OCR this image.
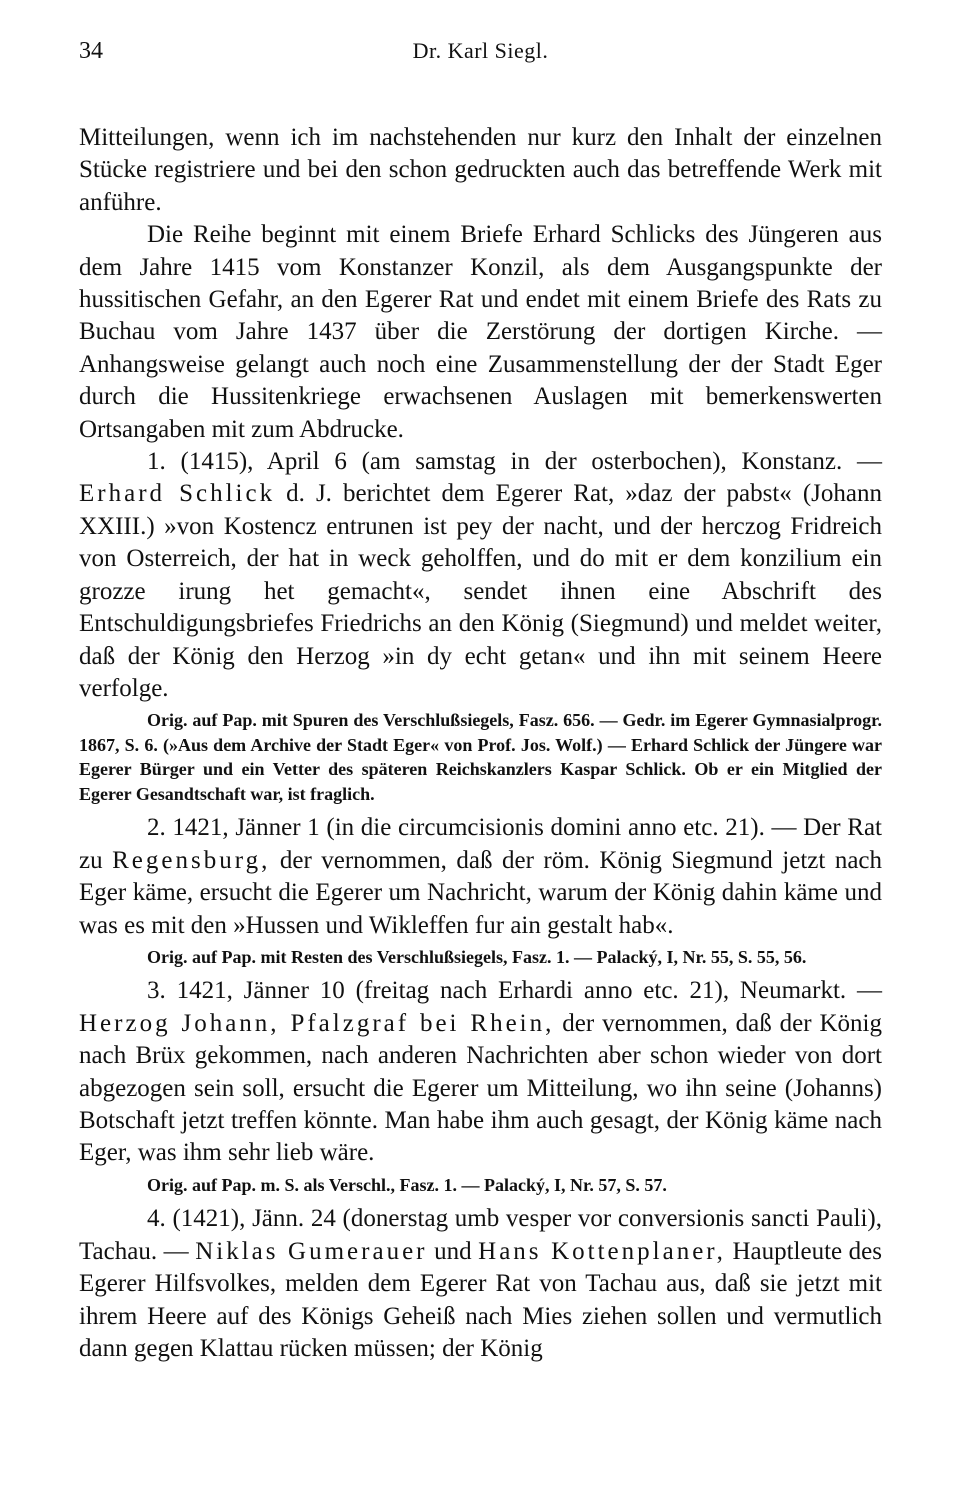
34	Dr. Karl Siegl.

Mitteilungen, wenn ich im nachstehenden nur kurz den Inhalt der einzelnen Stücke registriere und bei den schon gedruckten auch das betreffende Werk mit anführe.

Die Reihe beginnt mit einem Briefe Erhard Schlicks des Jüngeren aus dem Jahre 1415 vom Konstanzer Konzil, als dem Ausgangspunkte der hussitischen Gefahr, an den Egerer Rat und endet mit einem Briefe des Rats zu Buchau vom Jahre 1437 über die Zerstörung der dortigen Kirche. — Anhangsweise gelangt auch noch eine Zusammenstellung der der Stadt Eger durch die Hussitenkriege erwachsenen Auslagen mit bemerkenswerten Ortsangaben mit zum Abdrucke.

1. (1415), April 6 (am samstag in der osterbochen), Konstanz. — Erhard Schlick d. J. berichtet dem Egerer Rat, »daz der pabst« (Johann XXIII.) »von Kostencz entrunen ist pey der nacht, und der herczog Fridreich von Osterreich, der hat in weck geholffen, und do mit er dem konzilium ein grozze irung het gemacht«, sendet ihnen eine Abschrift des Entschuldigungsbriefes Friedrichs an den König (Siegmund) und meldet weiter, daß der König den Herzog »in dy echt getan« und ihn mit seinem Heere verfolge.

Orig. auf Pap. mit Spuren des Verschlußsiegels, Fasz. 656. — Gedr. im Egerer Gymnasialprogr. 1867, S. 6. (»Aus dem Archive der Stadt Eger« von Prof. Jos. Wolf.) — Erhard Schlick der Jüngere war Egerer Bürger und ein Vetter des späteren Reichskanzlers Kaspar Schlick. Ob er ein Mitglied der Egerer Gesandtschaft war, ist fraglich.

2. 1421, Jänner 1 (in die circumcisionis domini anno etc. 21). — Der Rat zu Regensburg, der vernommen, daß der röm. König Siegmund jetzt nach Eger käme, ersucht die Egerer um Nachricht, warum der König dahin käme und was es mit den »Hussen und Wikleffen fur ain gestalt hab«.

Orig. auf Pap. mit Resten des Verschlußsiegels, Fasz. 1. — Palacký, I, Nr. 55, S. 55, 56.

3. 1421, Jänner 10 (freitag nach Erhardi anno etc. 21), Neumarkt. — Herzog Johann, Pfalzgraf bei Rhein, der vernommen, daß der König nach Brüx gekommen, nach anderen Nachrichten aber schon wieder von dort abgezogen sein soll, ersucht die Egerer um Mitteilung, wo ihn seine (Johanns) Botschaft jetzt treffen könnte. Man habe ihm auch gesagt, der König käme nach Eger, was ihm sehr lieb wäre.

Orig. auf Pap. m. S. als Verschl., Fasz. 1. — Palacký, I, Nr. 57, S. 57.

4. (1421), Jänn. 24 (donerstag umb vesper vor conversionis sancti Pauli), Tachau. — Niklas Gumerauer und Hans Kottenplaner, Hauptleute des Egerer Hilfsvolkes, melden dem Egerer Rat von Tachau aus, daß sie jetzt mit ihrem Heere auf des Königs Geheiß nach Mies ziehen sollen und vermutlich dann gegen Klattau rücken müssen; der König
